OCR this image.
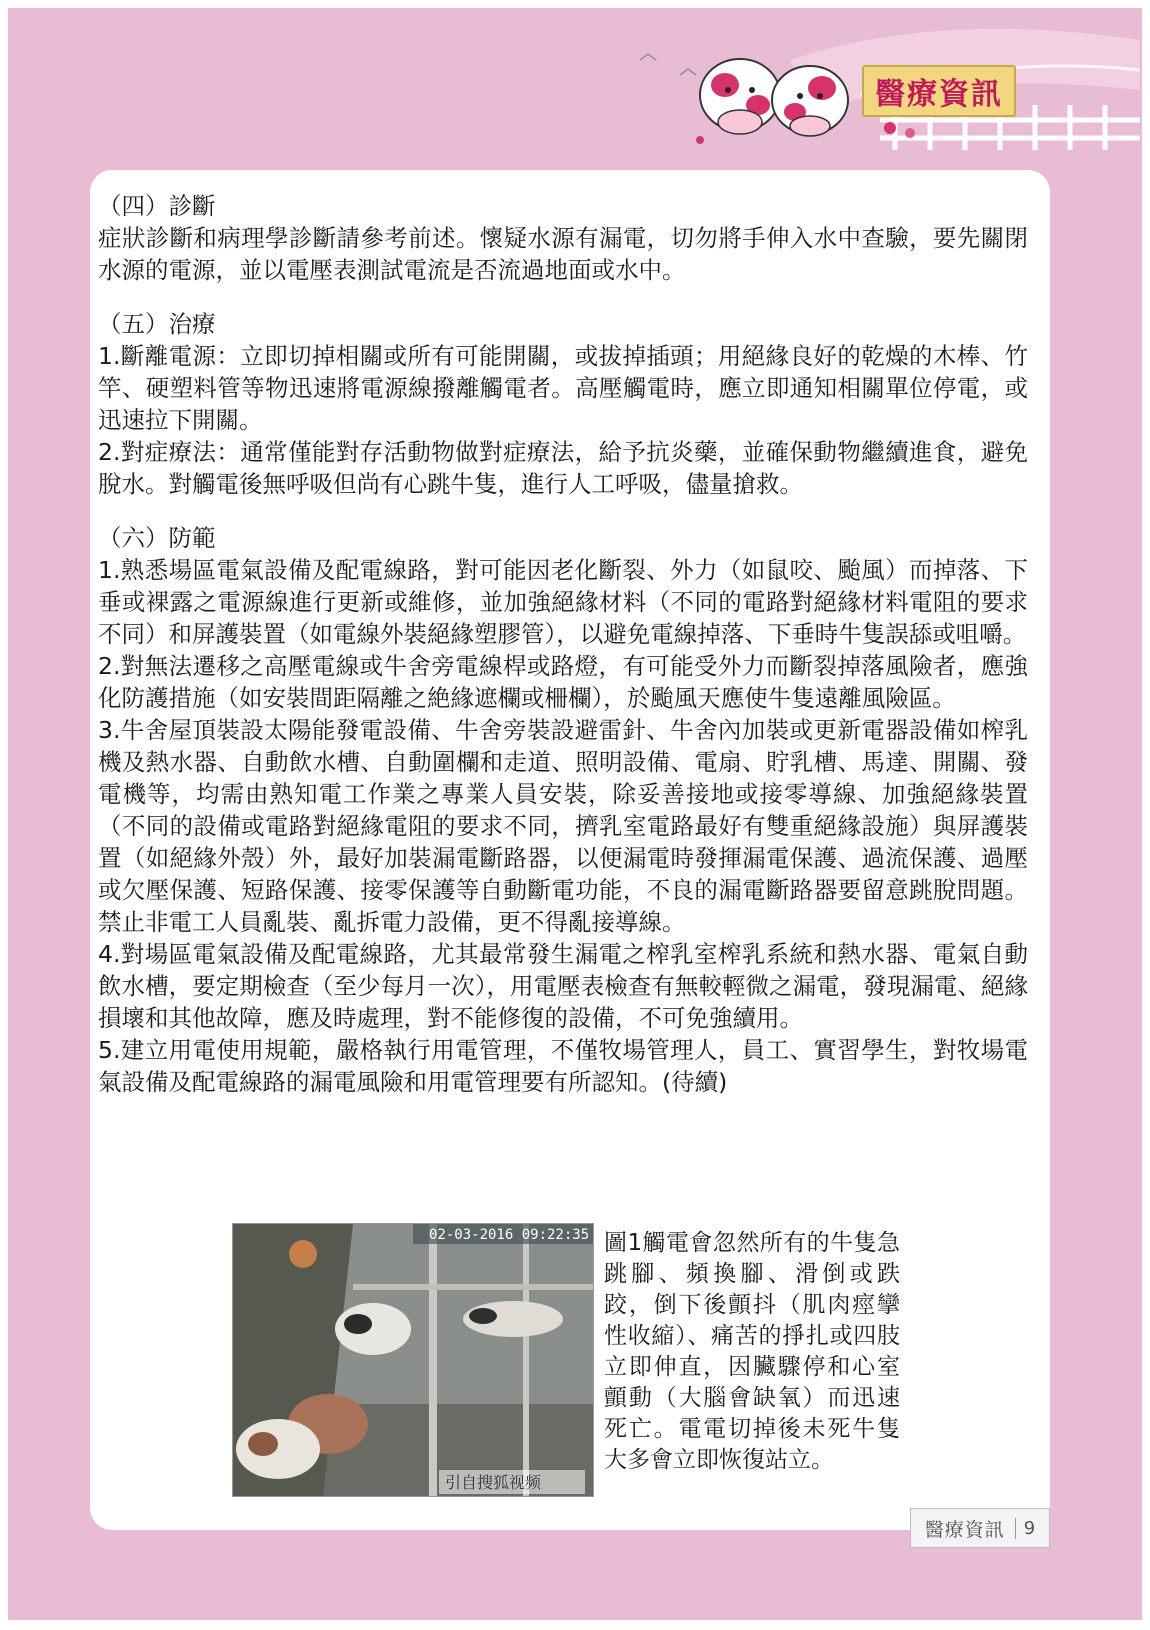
醫療資訊

（四）診斷

症狀診斷和病理學診斷請參考前述。懷疑水源有漏電，切勿將手伸入水中查驗，要先關閉水源的電源，並以電壓表測試電流是否流過地面或水中。

（五）治療

1.斷離電源：立即切掉相關或所有可能開關，或拔掉插頭；用絕緣良好的乾燥的木棒、竹竿、硬塑料管等物迅速將電源線撥離觸電者。高壓觸電時，應立即通知相關單位停電，或迅速拉下開關。

2.對症療法：通常僅能對存活動物做對症療法，給予抗炎藥，並確保動物繼續進食，避免脫水。對觸電後無呼吸但尚有心跳牛隻，進行人工呼吸，儘量搶救。

（六）防範

1.熟悉場區電氣設備及配電線路，對可能因老化斷裂、外力（如鼠咬、颱風）而掉落、下垂或裸露之電源線進行更新或維修，並加強絕緣材料（不同的電路對絕緣材料電阻的要求不同）和屏護裝置（如電線外裝絕緣塑膠管），以避免電線掉落、下垂時牛隻誤舔或咀嚼。

2.對無法遷移之高壓電線或牛舍旁電線桿或路燈，有可能受外力而斷裂掉落風險者，應強化防護措施（如安裝間距隔離之絶緣遮欄或柵欄），於颱風天應使牛隻遠離風險區。

3.牛舍屋頂裝設太陽能發電設備、牛舍旁裝設避雷針、牛舍內加裝或更新電器設備如榨乳機及熱水器、自動飲水槽、自動圍欄和走道、照明設備、電扇、貯乳槽、馬達、開關、發電機等，均需由熟知電工作業之專業人員安裝，除妥善接地或接零導線、加強絕緣裝置（不同的設備或電路對絕緣電阻的要求不同，擠乳室電路最好有雙重絕緣設施）與屏護裝置（如絕緣外殼）外，最好加裝漏電斷路器，以便漏電時發揮漏電保護、過流保護、過壓或欠壓保護、短路保護、接零保護等自動斷電功能，不良的漏電斷路器要留意跳脫問題。禁止非電工人員亂裝、亂拆電力設備，更不得亂接導線。

4.對場區電氣設備及配電線路，尤其最常發生漏電之榨乳室榨乳系統和熱水器、電氣自動飲水槽，要定期檢查（至少每月一次），用電壓表檢查有無較輕微之漏電，發現漏電、絕緣損壞和其他故障，應及時處理，對不能修復的設備，不可免強續用。

5.建立用電使用規範，嚴格執行用電管理，不僅牧場管理人，員工、實習學生，對牧場電氣設備及配電線路的漏電風險和用電管理要有所認知。(待續)

02-03-2016 09:22:35
引自搜狐视频
圖1觸電會忽然所有的牛隻急跳腳、頻換腳、滑倒或跌跤，倒下後顫抖（肌肉痙攣性收縮）、痛苦的掙扎或四肢立即伸直，因臟驟停和心室顫動（大腦會缺氧）而迅速死亡。電電切掉後未死牛隻大多會立即恢復站立。
醫療資訊	9
